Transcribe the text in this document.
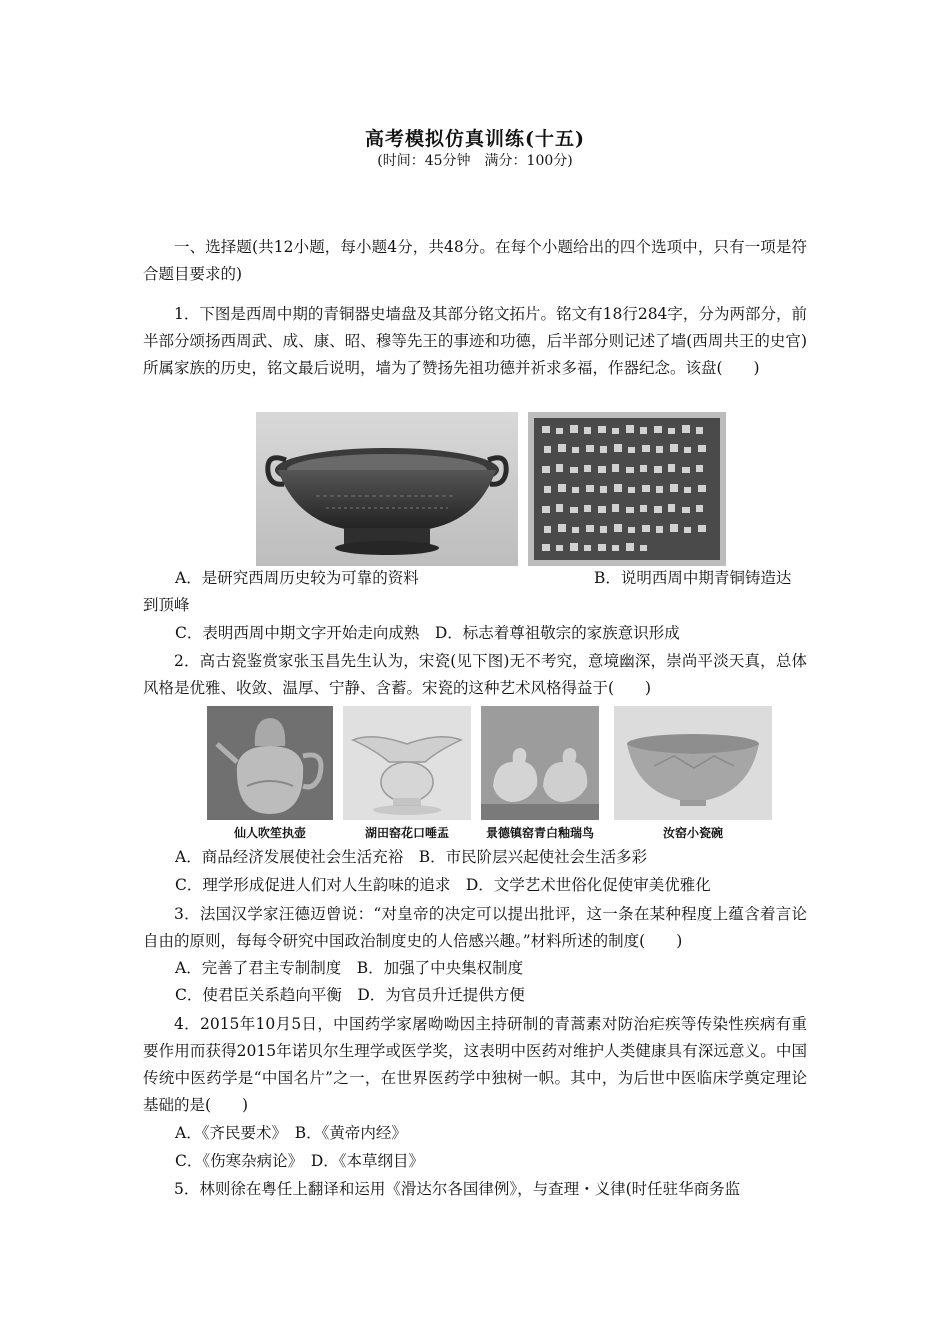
高考模拟仿真训练(十五)
(时间：45分钟　满分：100分)
一、选择题(共12小题，每小题4分，共48分。在每个小题给出的四个选项中，只有一项是符合题目要求的)
1．下图是西周中期的青铜器史墙盘及其部分铭文拓片。铭文有18行284字，分为两部分，前半部分颂扬西周武、成、康、昭、穆等先王的事迹和功德，后半部分则记述了墙(西周共王的史官)所属家族的历史，铭文最后说明，墙为了赞扬先祖功德并祈求多福，作器纪念。该盘(　　)
A．是研究西周历史较为可靠的资料	B．说明西周中期青铜铸造达
到顶峰
C．表明西周中期文字开始走向成熟　D．标志着尊祖敬宗的家族意识形成
2．高古瓷鉴赏家张玉昌先生认为，宋瓷(见下图)无不考究，意境幽深，崇尚平淡天真，总体风格是优雅、收敛、温厚、宁静、含蓄。宋瓷的这种艺术风格得益于(　　)
仙人吹笙执壶	湖田窑花口唾盂	景德镇窑青白釉瑞鸟	汝窑小瓷碗
A．商品经济发展使社会生活充裕　B．市民阶层兴起使社会生活多彩
C．理学形成促进人们对人生韵味的追求　D．文学艺术世俗化促使审美优雅化
3．法国汉学家汪德迈曾说：“对皇帝的决定可以提出批评，这一条在某种程度上蕴含着言论自由的原则，每每令研究中国政治制度史的人倍感兴趣。”材料所述的制度(　　)
A．完善了君主专制制度　B．加强了中央集权制度
C．使君臣关系趋向平衡　D．为官员升迁提供方便
4．2015年10月5日，中国药学家屠呦呦因主持研制的青蒿素对防治疟疾等传染性疾病有重要作用而获得2015年诺贝尔生理学或医学奖，这表明中医药对维护人类健康具有深远意义。中国传统中医药学是“中国名片”之一，在世界医药学中独树一帜。其中，为后世中医临床学奠定理论基础的是(　　)
A．《齐民要术》　B．《黄帝内经》
C．《伤寒杂病论》　D．《本草纲目》
5．林则徐在粤任上翻译和运用《滑达尔各国律例》，与查理・义律(时任驻华商务监
